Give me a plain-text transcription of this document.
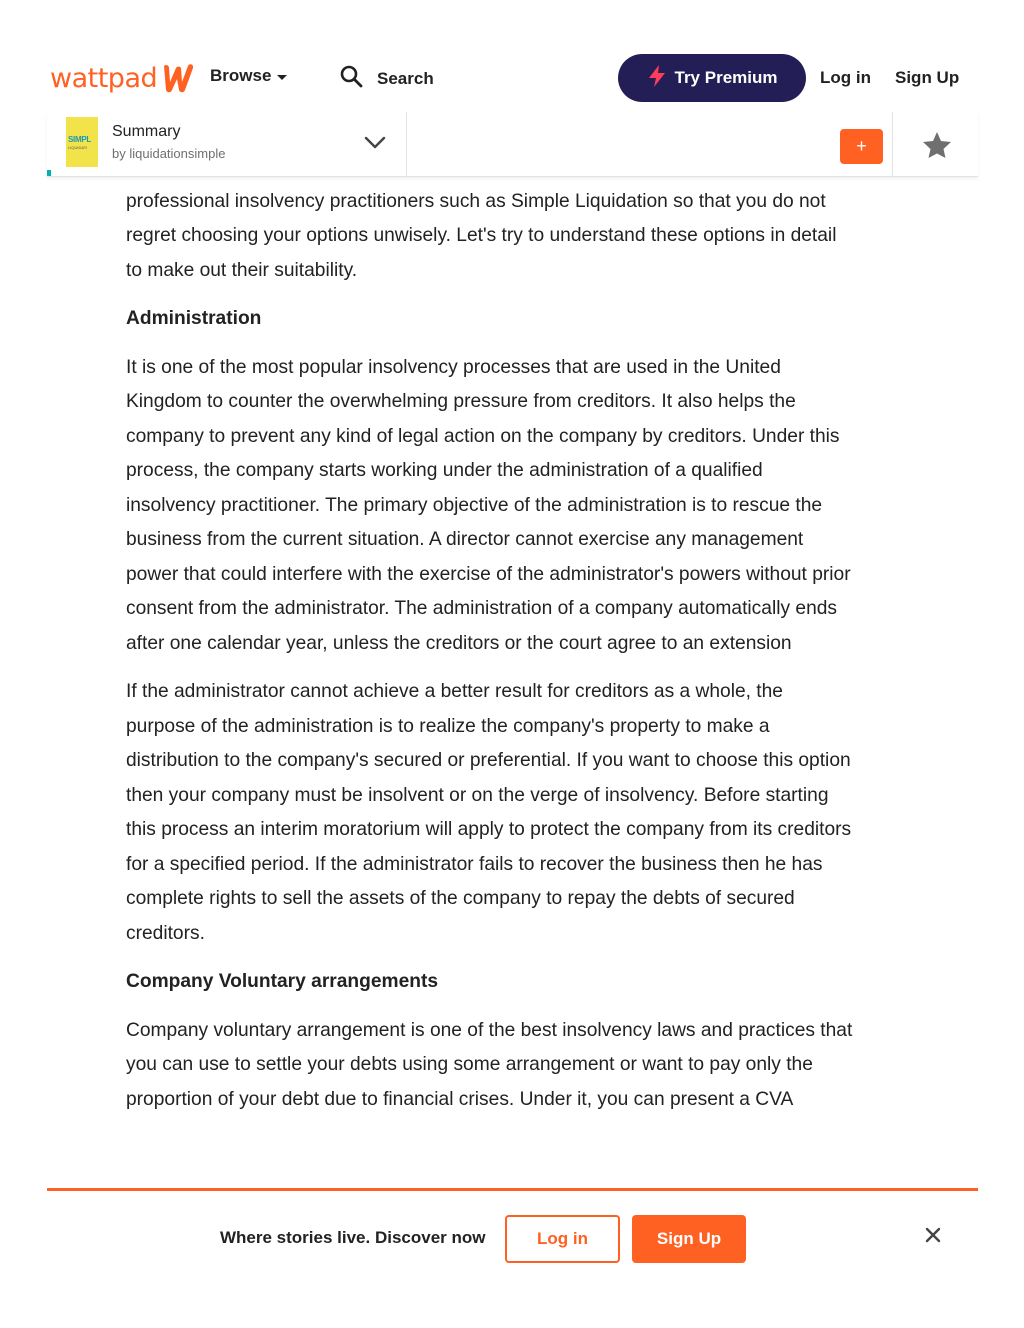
wattpad	Browse	Search	Try Premium	Log in Sign Up

professional insolvency practitioners such as Simple Liquidation so that you do not regret choosing your options unwisely. Let's try to understand these options in detail to make out their suitability.

Administration

It is one of the most popular insolvency processes that are used in the United Kingdom to counter the overwhelming pressure from creditors. It also helps the company to prevent any kind of legal action on the company by creditors. Under this process, the company starts working under the administration of a qualified insolvency practitioner. The primary objective of the administration is to rescue the business from the current situation. A director cannot exercise any management power that could interfere with the exercise of the administrator's powers without prior consent from the administrator. The administration of a company automatically ends after one calendar year, unless the creditors or the court agree to an extension

If the administrator cannot achieve a better result for creditors as a whole, the purpose of the administration is to realize the company's property to make a distribution to the company's secured or preferential. If you want to choose this option then your company must be insolvent or on the verge of insolvency. Before starting this process an interim moratorium will apply to protect the company from its creditors for a specified period. If the administrator fails to recover the business then he has complete rights to sell the assets of the company to repay the debts of secured creditors.

Company Voluntary arrangements

Company voluntary arrangement is one of the best insolvency laws and practices that you can use to settle your debts using some arrangement or want to pay only the proportion of your debt due to financial crises. Under it, you can present a CVA

SIMPL
LIQUIDATI
Summary
by liquidationsimple	+
Where stories live. Discover now	Log in	Sign Up
